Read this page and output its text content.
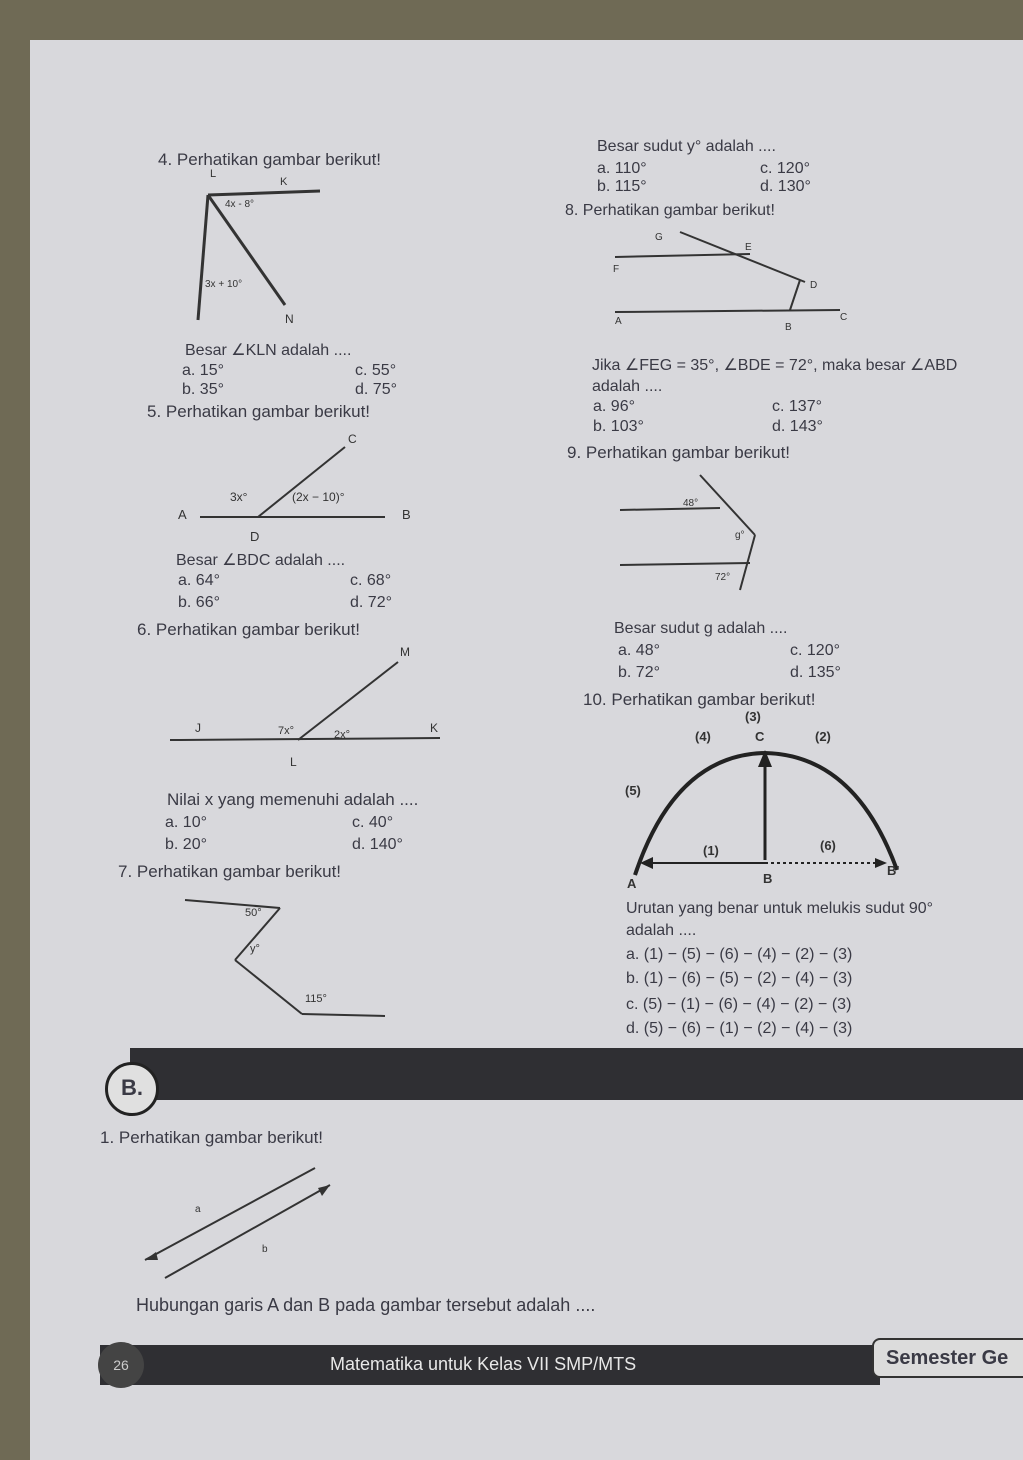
4. Perhatikan gambar berikut!
L
K
N
4x - 8°
3x + 10°
Besar ∠KLN adalah ....
a. 15°
b. 35°
c. 55°
d. 75°
5. Perhatikan gambar berikut!
C
A	B
D
3x°	(2x − 10)°
Besar ∠BDC adalah ....
a. 64°
b. 66°
c. 68°
d. 72°
6. Perhatikan gambar berikut!
M
J	K
L
7x°	2x°
Nilai x yang memenuhi adalah ....
a. 10°
b. 20°
c. 40°
d. 140°
7. Perhatikan gambar berikut!
50°
y°
115°
Besar sudut y° adalah ....
a. 110°
b. 115°
c. 120°
d. 130°
8. Perhatikan gambar berikut!
G
E
F
D
A
B
C
Jika ∠FEG = 35°, ∠BDE = 72°, maka besar ∠ABD adalah ....
a. 96°
b. 103°
c. 137°
d. 143°
9. Perhatikan gambar berikut!
48°
g°
72°
Besar sudut g adalah ....
a. 48°
b. 72°
c. 120°
d. 135°
10. Perhatikan gambar berikut!
(3)
(4)	C	(2)
(5)
(1)	(6)
A	B
B'
Urutan yang benar untuk melukis sudut 90°
adalah ....
a. (1) − (5) − (6) − (4) − (2) − (3)
b. (1) − (6) − (5) − (2) − (4) − (3)
c. (5) − (1) − (6) − (4) − (2) − (3)
d. (5) − (6) − (1) − (2) − (4) − (3)
B.
1. Perhatikan gambar berikut!
a
b
Hubungan garis A dan B pada gambar tersebut adalah ....
26	Matematika untuk Kelas VII SMP/MTS	Semester Ge
